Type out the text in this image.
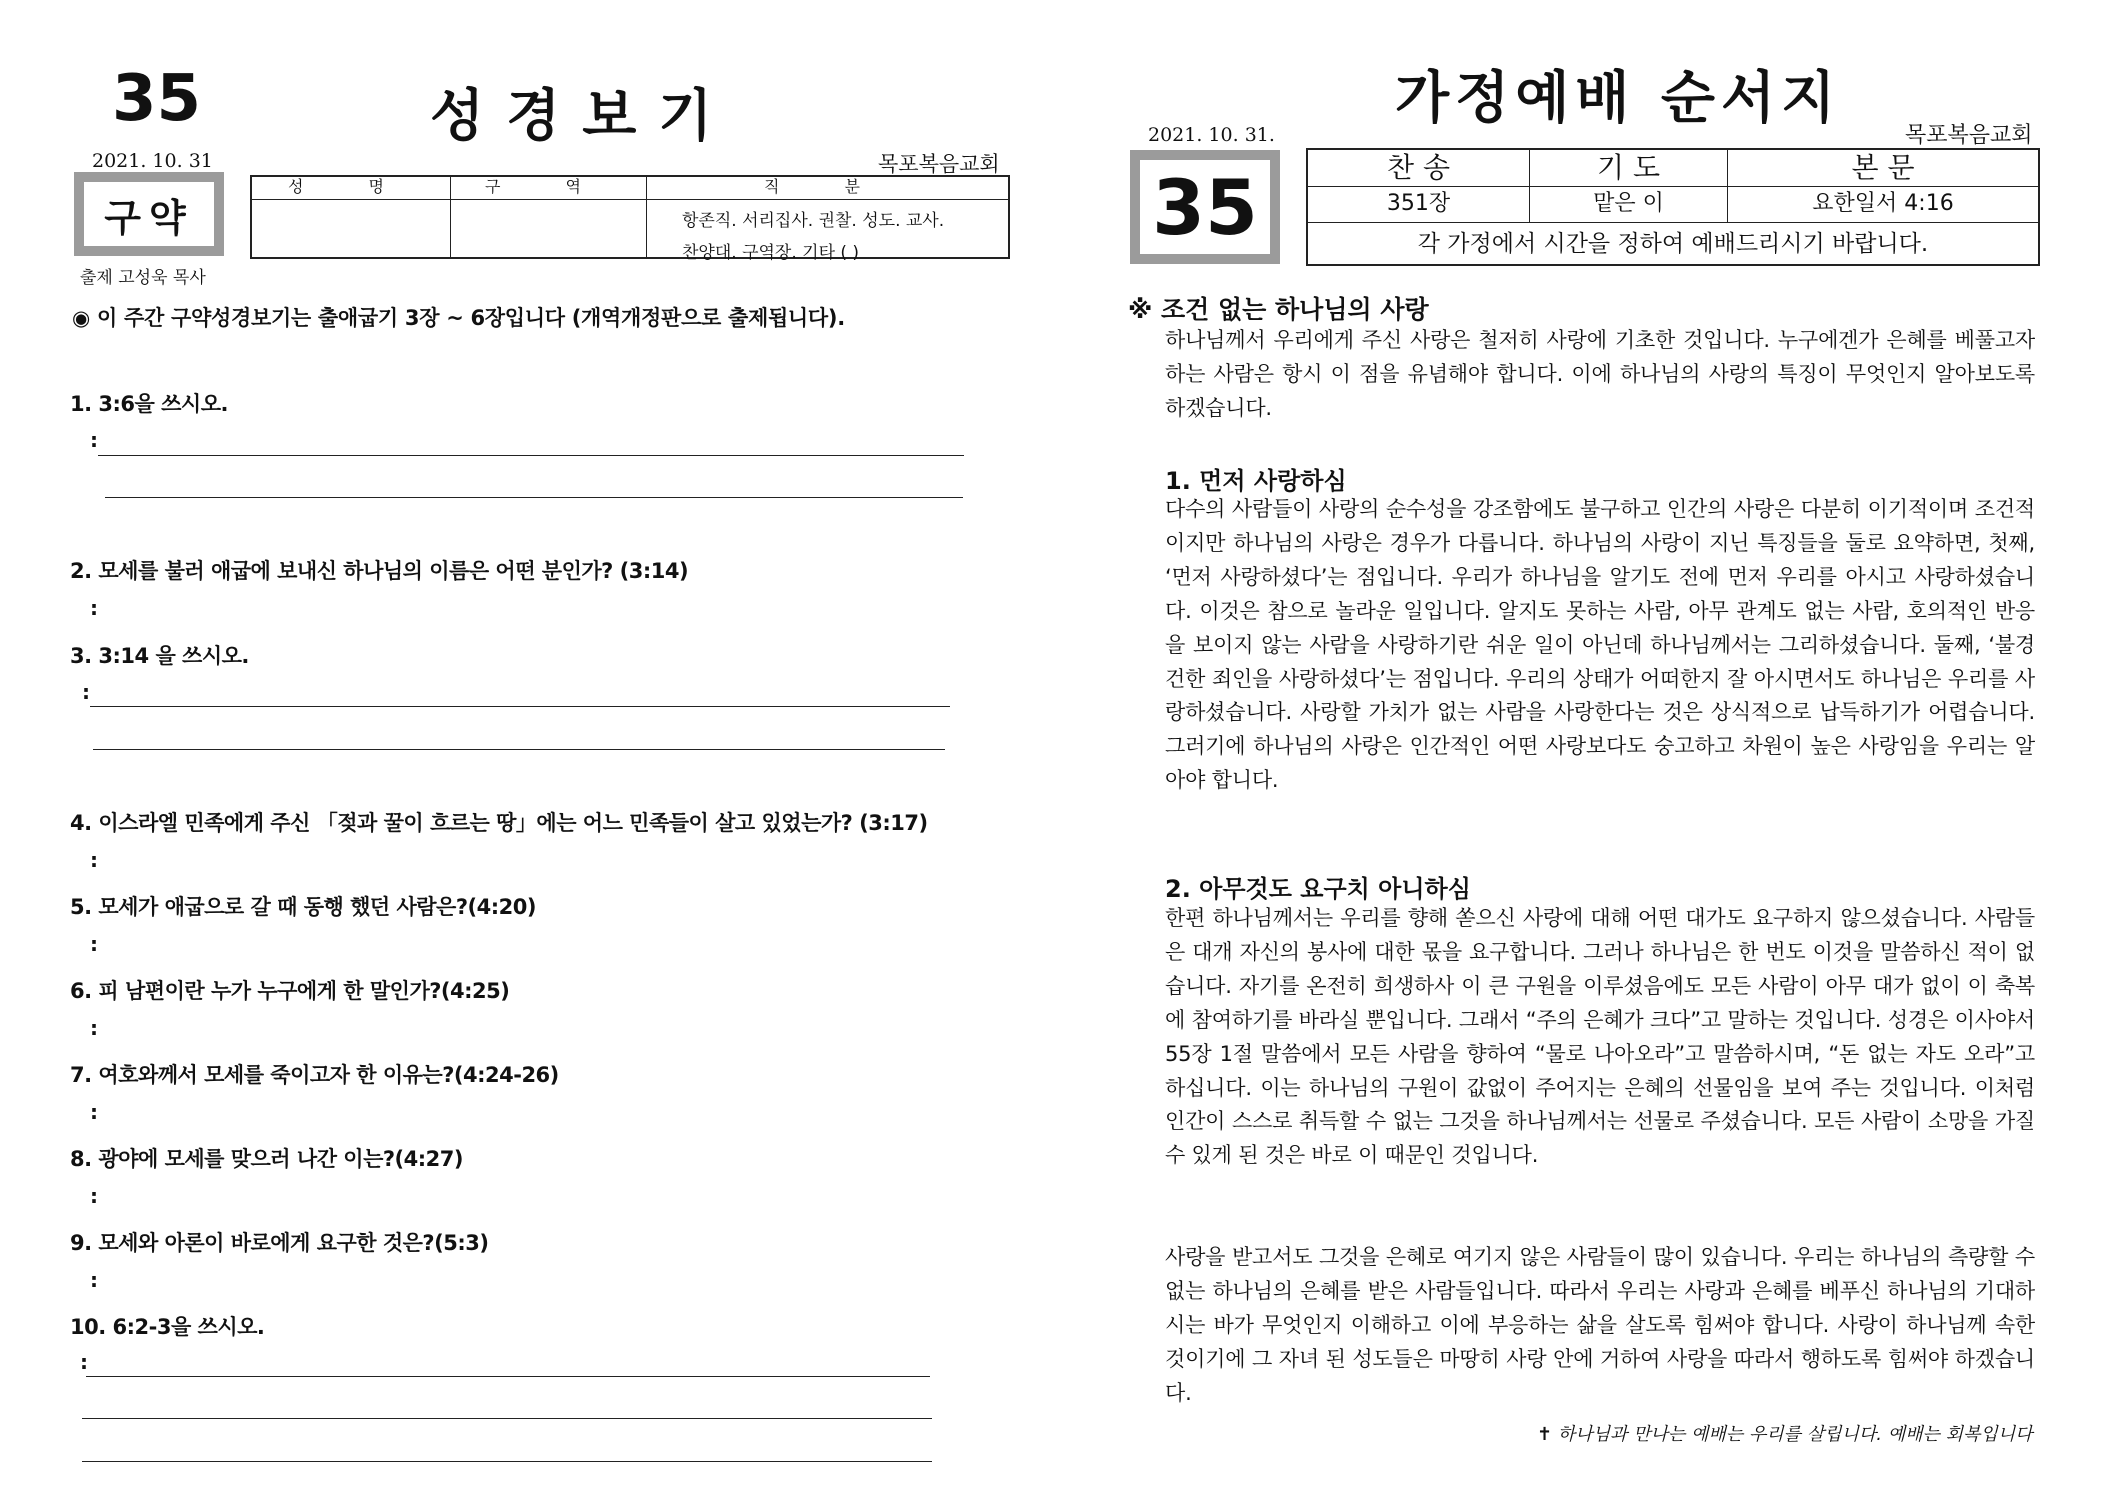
35	성경보기
2021. 10. 31	목포복음교회
구약
출제 고성욱 목사
성 명	구 역	직 분
항존직. 서리집사. 권찰. 성도. 교사.
찬양대. 구역장. 기타 ( )
◉ 이 주간 구약성경보기는 출애굽기 3장 ~ 6장입니다 (개역개정판으로 출제됩니다).
1. 3:6을 쓰시오.
:
2. 모세를 불러 애굽에 보내신 하나님의 이름은 어떤 분인가? (3:14)
:
3. 3:14 을 쓰시오.
:
4. 이스라엘 민족에게 주신 「젖과 꿀이 흐르는 땅」에는 어느 민족들이 살고 있었는가? (3:17)
:
5. 모세가 애굽으로 갈 때 동행 했던 사람은?(4:20)
:
6. 피 남편이란 누가 누구에게 한 말인가?(4:25)
:
7. 여호와께서 모세를 죽이고자 한 이유는?(4:24-26)
:
8. 광야에 모세를 맞으러 나간 이는?(4:27)
:
9. 모세와 아론이 바로에게 요구한 것은?(5:3)
:
10. 6:2-3을 쓰시오.
:
가정예배 순서지
2021. 10. 31.	목포복음교회
35	찬 송	기 도	본 문
351장	맡은 이	요한일서 4:16
각 가정에서 시간을 정하여 예배드리시기 바랍니다.
※ 조건 없는 하나님의 사랑
하나님께서 우리에게 주신 사랑은 철저히 사랑에 기초한 것입니다. 누구에겐가 은혜를 베풀고자 하는 사람은 항시 이 점을 유념해야 합니다. 이에 하나님의 사랑의 특징이 무엇인지 알아보도록 하겠습니다.
1. 먼저 사랑하심
다수의 사람들이 사랑의 순수성을 강조함에도 불구하고 인간의 사랑은 다분히 이기적이며 조건적이지만 하나님의 사랑은 경우가 다릅니다. 하나님의 사랑이 지닌 특징들을 둘로 요약하면, 첫째, ‘먼저 사랑하셨다’는 점입니다. 우리가 하나님을 알기도 전에 먼저 우리를 아시고 사랑하셨습니다. 이것은 참으로 놀라운 일입니다. 알지도 못하는 사람, 아무 관계도 없는 사람, 호의적인 반응을 보이지 않는 사람을 사랑하기란 쉬운 일이 아닌데 하나님께서는 그리하셨습니다. 둘째, ‘불경건한 죄인을 사랑하셨다’는 점입니다. 우리의 상태가 어떠한지 잘 아시면서도 하나님은 우리를 사랑하셨습니다. 사랑할 가치가 없는 사람을 사랑한다는 것은 상식적으로 납득하기가 어렵습니다. 그러기에 하나님의 사랑은 인간적인 어떤 사랑보다도 숭고하고 차원이 높은 사랑임을 우리는 알아야 합니다.
2. 아무것도 요구치 아니하심
한편 하나님께서는 우리를 향해 쏟으신 사랑에 대해 어떤 대가도 요구하지 않으셨습니다. 사람들은 대개 자신의 봉사에 대한 몫을 요구합니다. 그러나 하나님은 한 번도 이것을 말씀하신 적이 없습니다. 자기를 온전히 희생하사 이 큰 구원을 이루셨음에도 모든 사람이 아무 대가 없이 이 축복에 참여하기를 바라실 뿐입니다. 그래서 “주의 은혜가 크다”고 말하는 것입니다. 성경은 이사야서 55장 1절 말씀에서 모든 사람을 향하여 “물로 나아오라”고 말씀하시며, “돈 없는 자도 오라”고 하십니다. 이는 하나님의 구원이 값없이 주어지는 은혜의 선물임을 보여 주는 것입니다. 이처럼 인간이 스스로 취득할 수 없는 그것을 하나님께서는 선물로 주셨습니다. 모든 사람이 소망을 가질 수 있게 된 것은 바로 이 때문인 것입니다.
사랑을 받고서도 그것을 은혜로 여기지 않은 사람들이 많이 있습니다. 우리는 하나님의 측량할 수 없는 하나님의 은혜를 받은 사람들입니다. 따라서 우리는 사랑과 은혜를 베푸신 하나님의 기대하시는 바가 무엇인지 이해하고 이에 부응하는 삶을 살도록 힘써야 합니다. 사랑이 하나님께 속한 것이기에 그 자녀 된 성도들은 마땅히 사랑 안에 거하여 사랑을 따라서 행하도록 힘써야 하겠습니다.
✝ 하나님과 만나는 예배는 우리를 살립니다. 예배는 회복입니다
